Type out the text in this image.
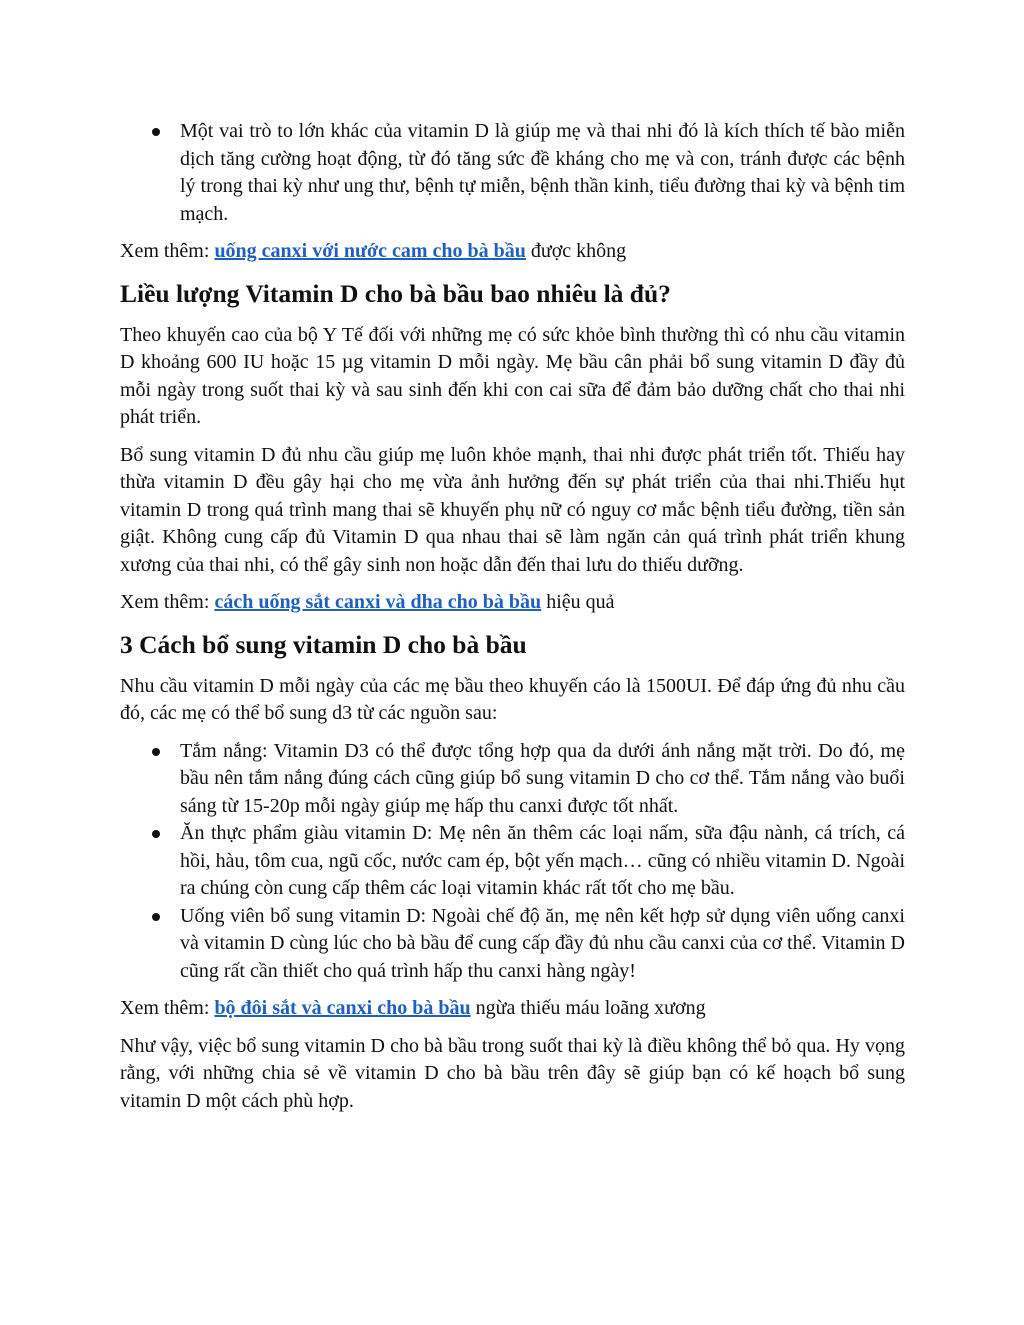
Một vai trò to lớn khác của vitamin D là giúp mẹ và thai nhi đó là kích thích tế bào miễn dịch tăng cường hoạt động, từ đó tăng sức đề kháng cho mẹ và con, tránh được các bệnh lý trong thai kỳ như ung thư, bệnh tự miễn, bệnh thần kinh, tiểu đường thai kỳ và bệnh tim mạch.

Xem thêm: uống canxi với nước cam cho bà bầu được không

Liều lượng Vitamin D cho bà bầu bao nhiêu là đủ?

Theo khuyến cao của bộ Y Tế đối với những mẹ có sức khỏe bình thường thì có nhu cầu vitamin D khoảng 600 IU hoặc 15 µg vitamin D mỗi ngày. Mẹ bầu cân phải bổ sung vitamin D đầy đủ mỗi ngày trong suốt thai kỳ và sau sinh đến khi con cai sữa để đảm bảo dưỡng chất cho thai nhi phát triển.

Bổ sung vitamin D đủ nhu cầu giúp mẹ luôn khỏe mạnh, thai nhi được phát triển tốt. Thiếu hay thừa vitamin D đều gây hại cho mẹ vừa ảnh hưởng đến sự phát triển của thai nhi.Thiếu hụt vitamin D trong quá trình mang thai sẽ khuyến phụ nữ có nguy cơ mắc bệnh tiểu đường, tiền sản giật. Không cung cấp đủ Vitamin D qua nhau thai sẽ làm ngăn cản quá trình phát triển khung xương của thai nhi, có thể gây sinh non hoặc dẫn đến thai lưu do thiếu dưỡng.

Xem thêm: cách uống sắt canxi và dha cho bà bầu hiệu quả

3 Cách bổ sung vitamin D cho bà bầu

Nhu cầu vitamin D mỗi ngày của các mẹ bầu theo khuyến cáo là 1500UI. Để đáp ứng đủ nhu cầu đó, các mẹ có thể bổ sung d3 từ các nguồn sau:

Tắm nắng: Vitamin D3 có thể được tổng hợp qua da dưới ánh nắng mặt trời. Do đó, mẹ bầu nên tắm nắng đúng cách cũng giúp bổ sung vitamin D cho cơ thể. Tắm nắng vào buổi sáng từ 15-20p mỗi ngày giúp mẹ hấp thu canxi được tốt nhất.
Ăn thực phẩm giàu vitamin D: Mẹ nên ăn thêm các loại nấm, sữa đậu nành, cá trích, cá hồi, hàu, tôm cua, ngũ cốc, nước cam ép, bột yến mạch… cũng có nhiều vitamin D. Ngoài ra chúng còn cung cấp thêm các loại vitamin khác rất tốt cho mẹ bầu.
Uống viên bổ sung vitamin D: Ngoài chế độ ăn, mẹ nên kết hợp sử dụng viên uống canxi và vitamin D cùng lúc cho bà bầu để cung cấp đầy đủ nhu cầu canxi của cơ thể. Vitamin D cũng rất cần thiết cho quá trình hấp thu canxi hàng ngày!

Xem thêm: bộ đôi sắt và canxi cho bà bầu ngừa thiếu máu loãng xương

Như vậy, việc bổ sung vitamin D cho bà bầu trong suốt thai kỳ là điều không thể bỏ qua. Hy vọng rằng, với những chia sẻ về vitamin D cho bà bầu trên đây sẽ giúp bạn có kế hoạch bổ sung vitamin D một cách phù hợp.
